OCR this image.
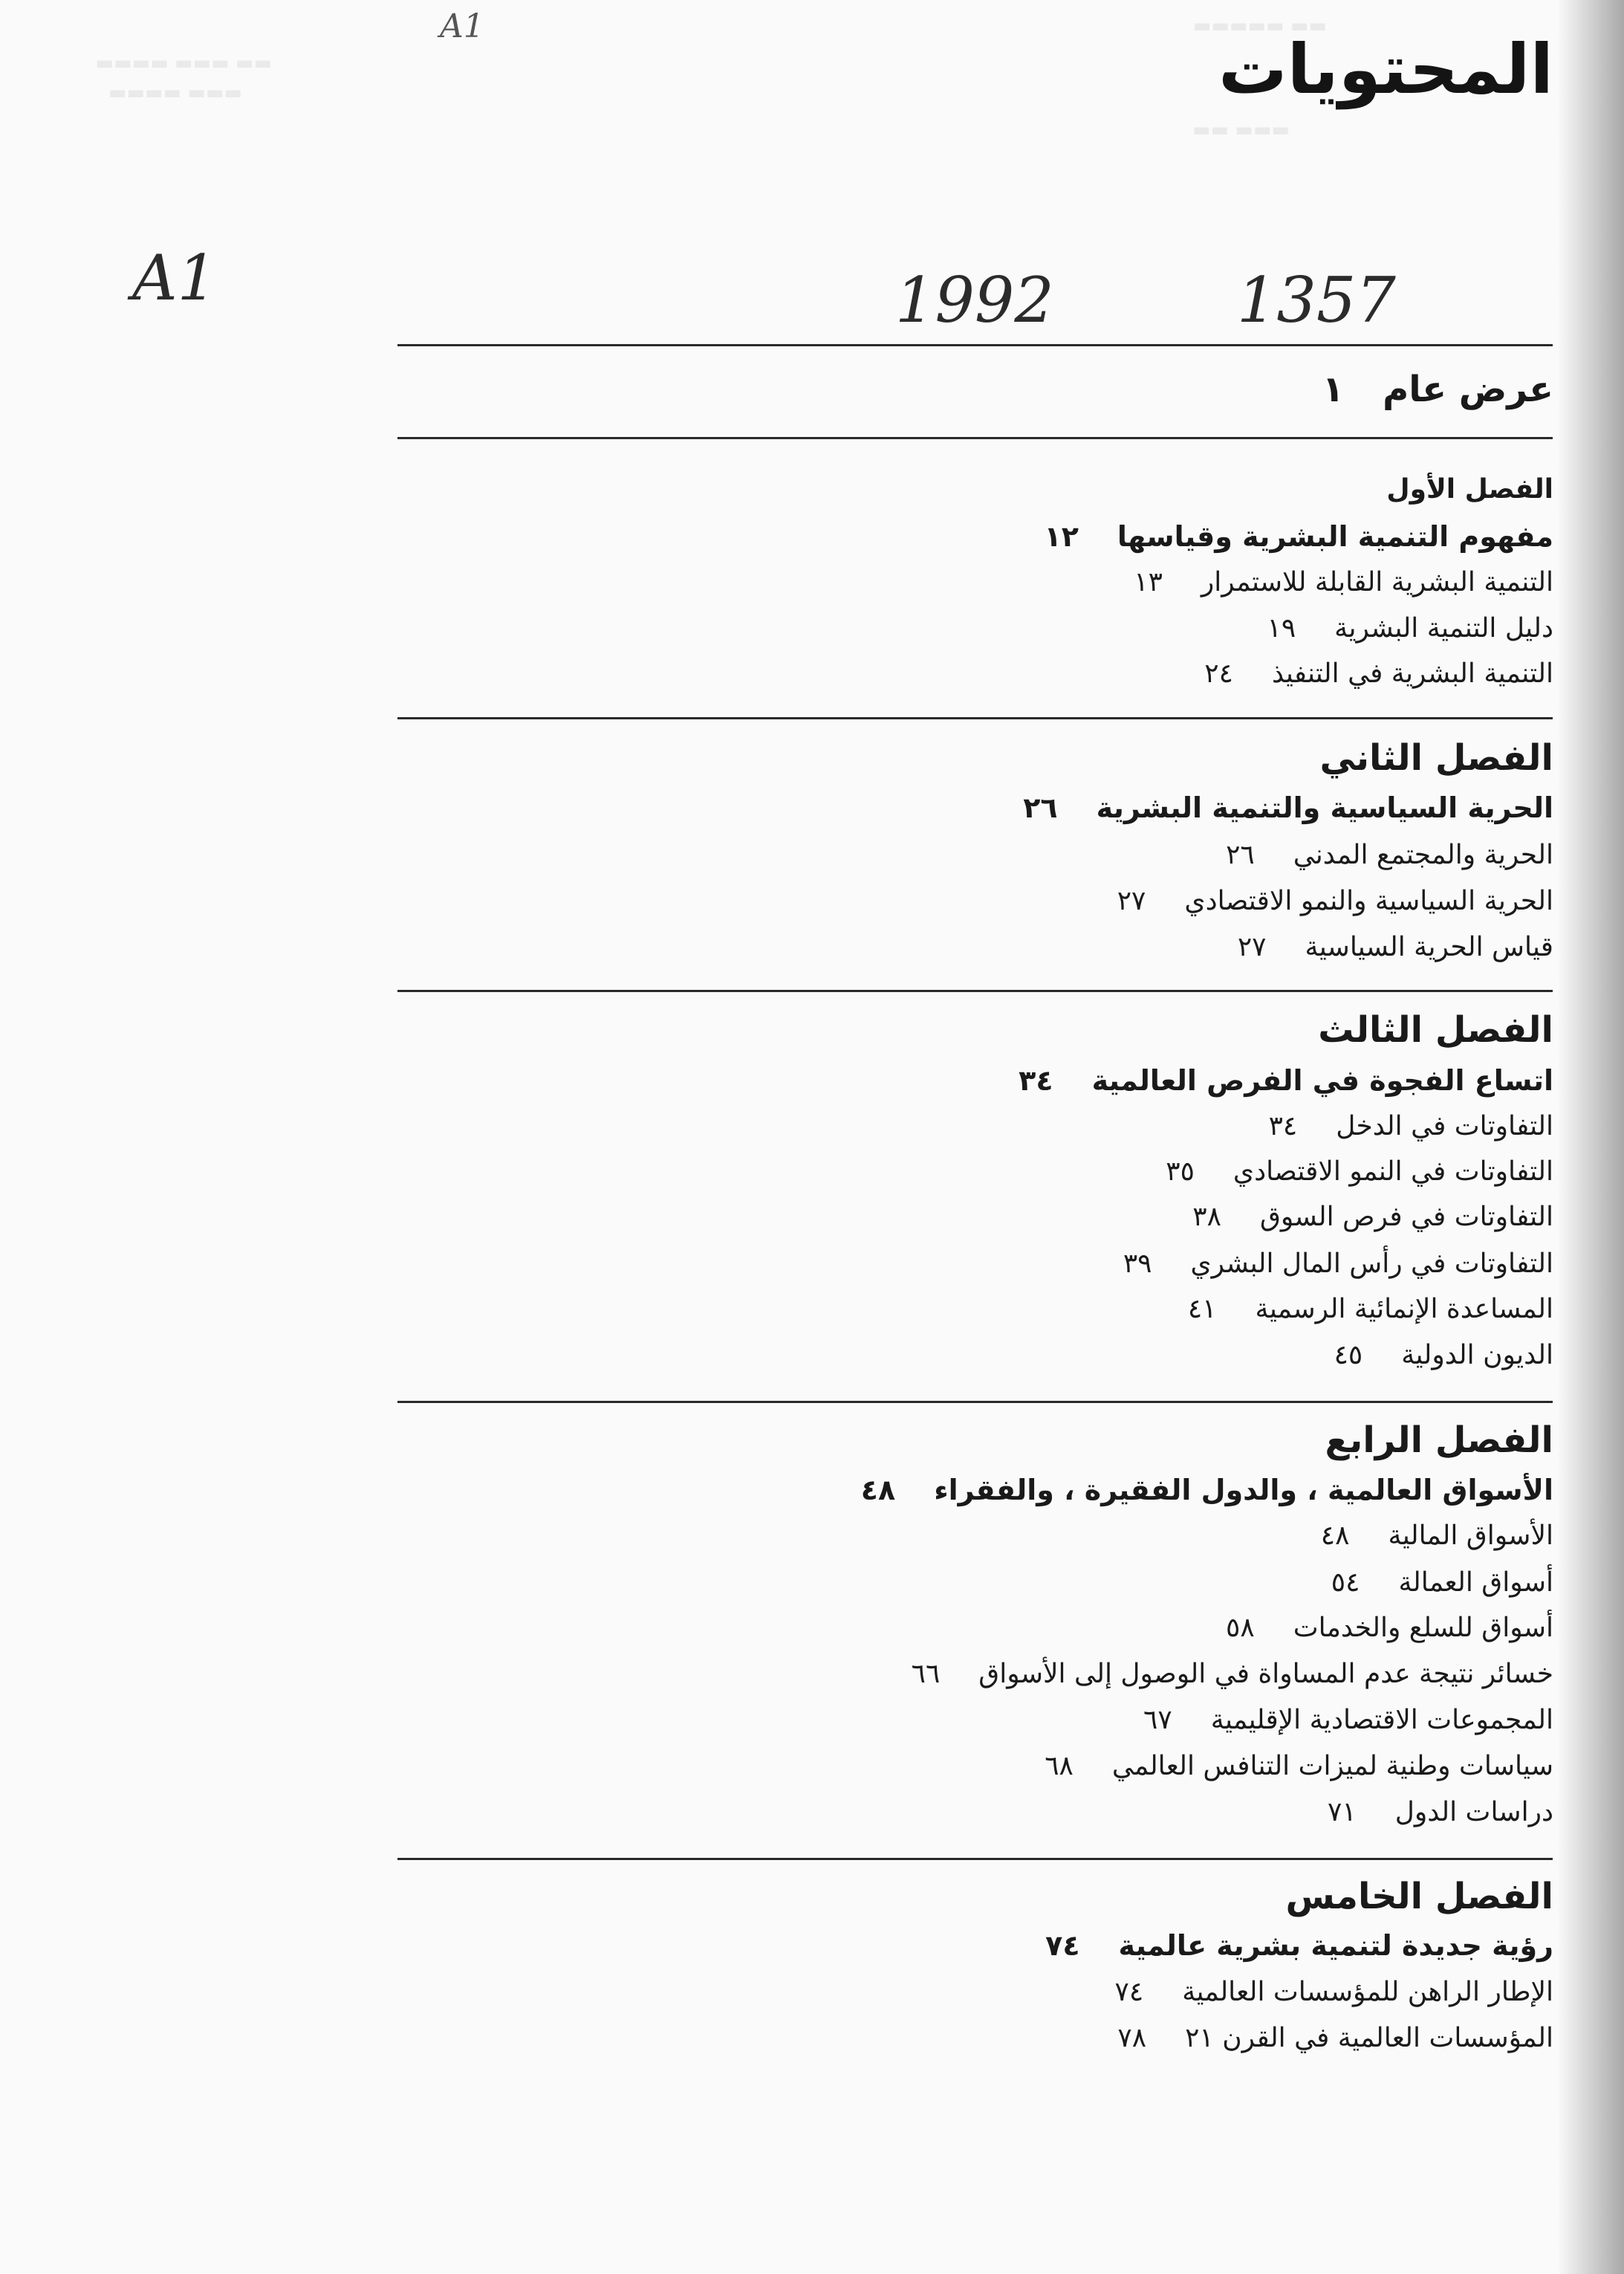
▬▬ ▬▬▬ ▬▬▬▬
▬▬▬ ▬▬▬▬
▬▬ ▬▬▬▬▬
▬▬▬ ▬▬
A1
A1	1992	1357
المحتويات
عرض عام١
الفصل الأول
مفهوم التنمية البشرية وقياسها١٢
التنمية البشرية القابلة للاستمرار١٣
دليل التنمية البشرية١٩
التنمية البشرية في التنفيذ٢٤
الفصل الثاني
الحرية السياسية والتنمية البشرية٢٦
الحرية والمجتمع المدني٢٦
الحرية السياسية والنمو الاقتصادي٢٧
قياس الحرية السياسية٢٧
الفصل الثالث
اتساع الفجوة في الفرص العالمية٣٤
التفاوتات في الدخل٣٤
التفاوتات في النمو الاقتصادي٣٥
التفاوتات في فرص السوق٣٨
التفاوتات في رأس المال البشري٣٩
المساعدة الإنمائية الرسمية٤١
الديون الدولية٤٥
الفصل الرابع
الأسواق العالمية ، والدول الفقيرة ، والفقراء٤٨
الأسواق المالية٤٨
أسواق العمالة٥٤
أسواق للسلع والخدمات٥٨
خسائر نتيجة عدم المساواة في الوصول إلى الأسواق٦٦
المجموعات الاقتصادية الإقليمية٦٧
سياسات وطنية لميزات التنافس العالمي٦٨
دراسات الدول٧١
الفصل الخامس
رؤية جديدة لتنمية بشرية عالمية٧٤
الإطار الراهن للمؤسسات العالمية٧٤
المؤسسات العالمية في القرن ٢١٧٨
